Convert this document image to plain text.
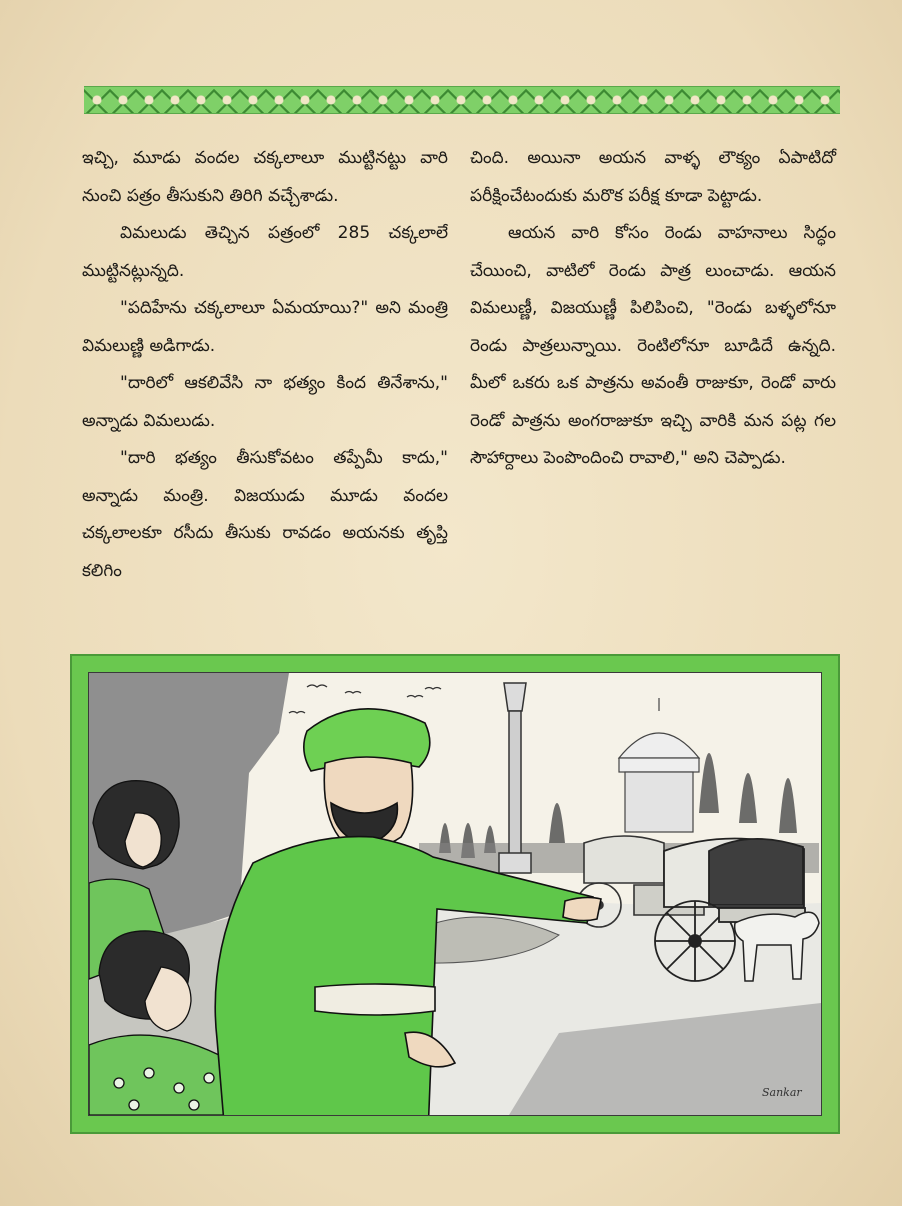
ఇచ్చి, మూడు వందల చక్కలాలూ ముట్టినట్టు వారి నుంచి పత్రం తీసుకుని తిరిగి వచ్చేశాడు.

విమలుడు తెచ్చిన పత్రంలో 285 చక్కలాలే ముట్టినట్లున్నది.

"పదిహేను చక్కలాలూ ఏమయాయి?" అని మంత్రి విమలుణ్ణి అడిగాడు.

"దారిలో ఆకలివేసి నా భత్యం కింద తినేశాను," అన్నాడు విమలుడు.

"దారి భత్యం తీసుకోవటం తప్పేమీ కాదు," అన్నాడు మంత్రి. విజయుడు మూడు వందల చక్కలాలకూ రసీదు తీసుకు రావడం అయనకు తృప్తి కలిగిం

చింది. అయినా అయన వాళ్ళ లౌక్యం ఏపాటిదో పరీక్షించేటందుకు మరొక పరీక్ష కూడా పెట్టాడు.

ఆయన వారి కోసం రెండు వాహనాలు సిద్ధం చేయించి, వాటిలో రెండు పాత్ర లుంచాడు. ఆయన విమలుణ్ణీ, విజయుణ్ణీ పిలిపించి, "రెండు బళ్ళలోనూ రెండు పాత్రలున్నాయి. రెంటిలోనూ బూడిదే ఉన్నది. మీలో ఒకరు ఒక పాత్రను అవంతీ రాజుకూ, రెండో వారు రెండో పాత్రను అంగరాజుకూ ఇచ్చి వారికి మన పట్ల గల సౌహార్దాలు పెంపొందించి రావాలి," అని చెప్పాడు.

Sankar
